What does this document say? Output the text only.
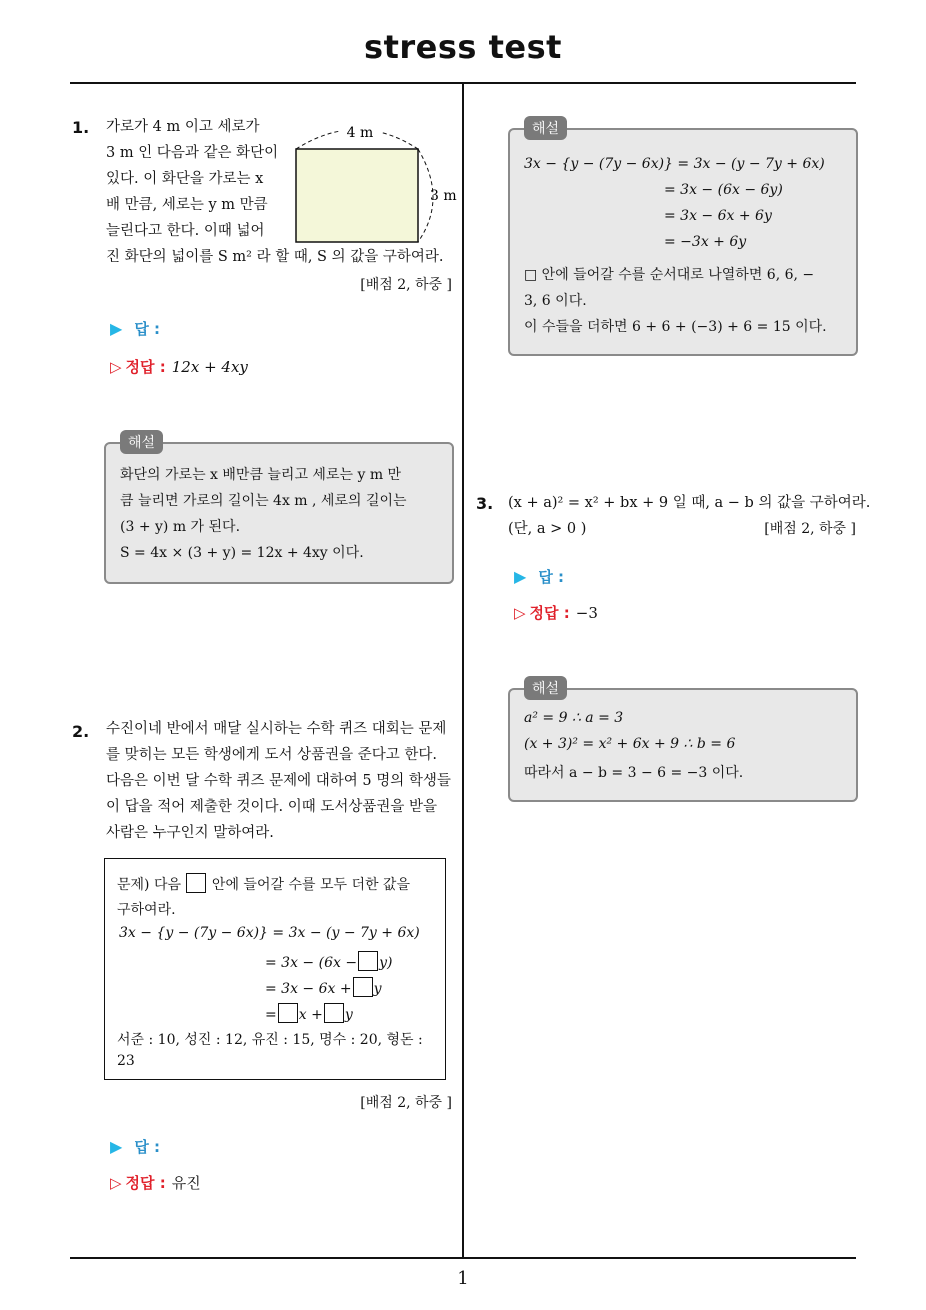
stress test
1
1. 가로가 4 m 이고 세로가
3 m 인 다음과 같은 화단이
있다. 이 화단을 가로는 x
배 만큼, 세로는 y m 만큼
늘린다고 한다. 이때 넓어
진 화단의 넓이를 S m² 라 할 때, S 의 값을 구하여라.
4 m
3 m
[배점 2, 하중 ]
▶ 답 :
▷ 정답 : 12x + 4xy
해설
화단의 가로는 x 배만큼 늘리고 세로는 y m 만
큼 늘리면 가로의 길이는 4x m , 세로의 길이는
(3 + y) m 가 된다.
S = 4x × (3 + y) = 12x + 4xy 이다.
2. 수진이네 반에서 매달 실시하는 수학 퀴즈 대회는 문제
를 맞히는 모든 학생에게 도서 상품권을 준다고 한다.
다음은 이번 달 수학 퀴즈 문제에 대하여 5 명의 학생들
이 답을 적어 제출한 것이다. 이때 도서상품권을 받을
사람은 누구인지 말하여라.
문제) 다음 안에 들어갈 수를 모두 더한 값을
구하여라.
3x − {y − (7y − 6x)} = 3x − (y − 7y + 6x)
= 3x − (6x − y)
= 3x − 6x + y
= x + y
서준 : 10, 성진 : 12, 유진 : 15, 명수 : 20, 형돈 :
23
[배점 2, 하중 ]
▶ 답 :
▷ 정답 : 유진
해설
3x − {y − (7y − 6x)} = 3x − (y − 7y + 6x)
= 3x − (6x − 6y)
= 3x − 6x + 6y
= −3x + 6y
□ 안에 들어갈 수를 순서대로 나열하면 6, 6, −
3, 6 이다.
이 수들을 더하면 6 + 6 + (−3) + 6 = 15 이다.
3. (x + a)² = x² + bx + 9 일 때, a − b 의 값을 구하여라.
(단, a > 0 )	[배점 2, 하중 ]
▶ 답 :
▷ 정답 : −3
해설
a² = 9 ∴ a = 3
(x + 3)² = x² + 6x + 9 ∴ b = 6
따라서 a − b = 3 − 6 = −3 이다.
